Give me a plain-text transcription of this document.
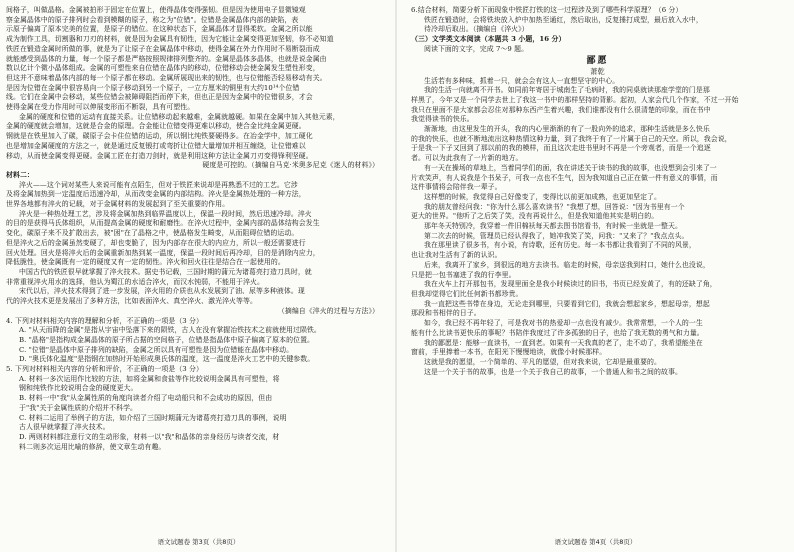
间格子，叫做晶格。金属被拍形于固定在位置上，使得晶体变得强韧。但是因为使用电子显微镜观
察金属晶体中的原子排列时会看到模糊的原子，称之为"位错"。位错是金属晶体内部的缺陷，表
示原子偏离了原本完美的位置，是原子的错位。在这种状态下，金属晶体才显得柔软。金属之所以能
成为制作工具，切割器和刀刃的材料，就是因为金属具有韧性，因为它能让金属变得更加坚韧，你不必知道
铁匠在锻造金属时所做的事，就是为了让原子在金属晶体中移动，使得金属在外力作用时不易断裂而成
就能感受到晶体的力量，每一个原子都是严格按照规律排列整齐的。金属是晶体多晶体，也就是说金属由
数以亿计个微小晶体组成。金属的可塑性来自位错在晶体内的移动，位错移动会使金属发生塑性形变，
但这并不意味着晶体内部的每一个原子都在移动。金属所展现出来的韧性，也与位错能否轻易移动有关。
是因为位错在金属中很容易向一个原子移动到另一个原子，一立方厘米的铜里有大约10¹⁴个位错
线。它们在金属中会移动，某些位错会被障碍阻挡而停下来，但也正是因为金属中的位错很多，才会
使得金属在受力作用时可以伸展变形而不断裂，具有可塑性。
金属的硬度和位错的运动有直接关系。让位错移动起来越难，金属就越硬。如果在金属中加入其他元素，
金属的硬度就会增加，这就是合金的原理。合金能让位错变得更难以移动，使合金比纯金属更硬。
钢就是在铁里加入了碳，碳原子会卡住位错的运动，所以钢比纯铁要硬得多。在冶金学中，加工硬化
也是增加金属硬度的方法之一，就是通过反复锻打或弯折让位错大量增加并相互缠绕，让位错难以
移动，从而使金属变得更硬。金属工匠在打造刀剑时，就是利用这种方法让金属刀刃变得锋利坚硬。
硬度是可控的。（摘编自马克·米奥多尼克《迷人的材料》）
材料二：
淬火——这个词对某些人来说可能有点陌生，但对于铁匠来说却是再熟悉不过的工艺。它涉
及将金属加热到一定温度后迅速冷却，从而改变金属的内部结构。淬火是金属热处理的一种方法，
世界各地都有淬火的记载，对于金属材料的发展起到了至关重要的作用。
淬火是一种热处理工艺，涉及将金属加热到临界温度以上，保温一段时间，然后迅速冷却。淬火
的目的是获得马氏体组织，从而提高金属的硬度和耐磨性。在淬火过程中，金属内部的晶体结构会发生
变化，碳原子来不及扩散出去，被"困"在了晶格之中，使晶格发生畸变，从而阻碍位错的运动。
但是淬火之后的金属虽然变硬了，却也变脆了，因为内部存在很大的内应力，所以一般还需要进行
回火处理。回火是将淬火后的金属重新加热到某一温度，保温一段时间后再冷却，目的是消除内应力，
降低脆性，使金属既有一定的硬度又有一定的韧性。淬火和回火往往是结合在一起使用的。
中国古代的铁匠很早就掌握了淬火技术。据史书记载，三国时期的蒲元为诸葛亮打造刀具时，就
非常重视淬火用水的选择，他认为蜀江的水适合淬火，而汉水钝弱，不能用于淬火。
宋代以后，淬火技术得到了进一步发展，淬火用的介质也从水发展到了油、尿等多种液体。现
代的淬火技术更是发展出了多种方法，比如表面淬火、真空淬火、激光淬火等等。
（摘编自《淬火的过程与方法》）
4. 下列对材料相关内容的理解和分析，不正确的一项是（3 分）
A. "从天而降的金属"是指从宇宙中坠落下来的陨铁，古人在没有掌握冶铁技术之前就使用过陨铁。
B. "晶格"是指构成金属晶体的原子所占据的空间格子，位错是指晶体中原子偏离了原本的位置。
C. "位错"是晶体中原子排列的缺陷，金属之所以具有可塑性是因为位错能在晶体中移动。
D. "奥氏体化温度"是指钢在加热时开始形成奥氏体的温度，这一温度是淬火工艺中的关键参数。
5. 下列对材料相关内容的分析和评价，不正确的一项是（3 分）
A. 材料一多次运用作比较的方法，如将金属和食盐等作比较说明金属具有可塑性，将
钢和纯铁作比较说明合金的硬度更大。
B. 材料一中"我"从金属性质的角度向读者介绍了电动船只和不会成功的原因，但由
于"我"关于金属性质的介绍并不科学。
C. 材料二运用了举例子的方法，如介绍了三国时期蒲元为诸葛亮打造刀具的事例，说明
古人很早就掌握了淬火技术。
D. 两则材料都注意行文的生动形象，材料一以"我"和晶体的亲身经历与读者交流，材
料二则多次运用比喻的修辞，使文章生动有趣。
语文试题卷 第3页（共8页）
6.结合材料，简要分析下面现象中铁匠打铁的这一过程涉及到了哪些科学原理？（6 分）
铁匠在锻造时，会将铁块放入炉中加热至通红，然后取出，反复捶打成型，最后放入水中，
待冷却后取出。（摘编自《淬火》）
（三）文学类文本阅读（本题共 3 小题，16 分）
阅读下面的文字，完成 7～9 题。
鄙愿
萧乾
生活若有多种味，抓着一只，就会会有这人一直想坚守的中心。
我的生活一向就离不开书。如同前年寄居于城南生了毛病时，我的同桌就读那座学堂的门是那
样黑了，今年又是一个同学去世上了我这一书中的那样坚持的背影。起初，人家会代几个作家，不过一开始
我只在里面不是大家都会忍住对那种东西产生着兴趣，我们谁都没有什么很清楚的印象，而在书中
我觉得读书的快乐。
渐渐地，由这里发生的开头，我的内心里渐渐的有了一股向外的追求，那种生活就是多么快乐
的我的快乐，也就不断地流出这种热情这种力量，到了我终于有了一片属于自己的天空。所以，我会说，
于是我一下子又回到了那以前的我的模样，而且这次走进书里时不再是一个旁观者，而是一个追逐
者。可以为此我有了一片新的地方。
有一天在操场的草地上，当着同学们的面，我在讲述关于读书的我的故事，也没想到会引来了一
片欢笑声，有人说我是个书呆子，可我一点也不生气，因为我知道自己正在做一件有意义的事情，而
这件事情将会陪伴我一辈子。
这样想的时候，我觉得自己好像变了，变得比以前更加成熟，也更加坚定了。
我的朋友曾经问我："你为什么那么喜欢读书？"我想了想，回答说："因为书里有一个
更大的世界。"他听了之后笑了笑，没有再说什么，但是我知道他其实是明白的。
那年冬天特别冷，我穿着一件旧棉袄每天都去图书馆看书，有时候一坐就是一整天。
第二次去的时候，管理员已经认得我了，她冲我笑了笑，问我："又来了？"我点点头。
我在那里读了很多书，有小说，有诗歌，还有历史。每一本书都让我看到了不同的风景，
也让我对生活有了新的认识。
后来，我离开了家乡，到很远的地方去读书。临走的时候，母亲送我到村口，她什么也没说，
只是把一包书塞进了我的行李里。
我在火车上打开那包书，发现里面全是我小时候读过的旧书，书页已经发黄了，有的还缺了角，
但我却觉得它们比任何新书都珍贵。
我一直把这些书带在身边，无论走到哪里，只要看到它们，我就会想起家乡，想起母亲，想起
那段和书相伴的日子。
如今，我已经不再年轻了，可是我对书的热爱却一点也没有减少。我常常想，一个人的一生
能有什么比读书更快乐的事呢？书陪伴我度过了许多孤独的日子，也给了我无数的勇气和力量。
我的鄙愿是：能够一直读书，一直到老。如果有一天我真的老了，走不动了，我希望能坐在
窗前，手里捧着一本书，在阳光下慢慢地读，就像小时候那样。
这就是我的愿望，一个简单的、平凡的愿望，但对我来说，它却是最重要的。
这是一个关于书的故事，也是一个关于我自己的故事，一个普通人和书之间的故事。
语文试题卷 第4页（共8页）
